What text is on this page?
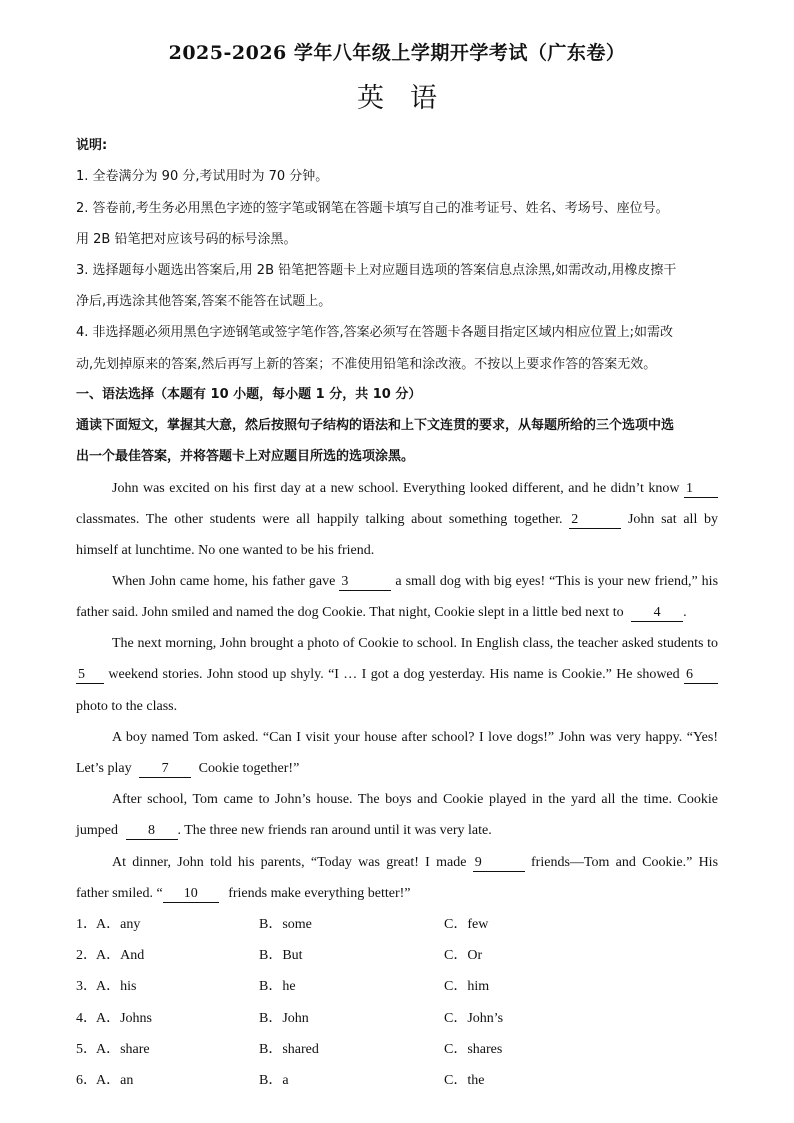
2025-2026 学年八年级上学期开学考试（广东卷）
英语
说明:
1. 全卷满分为 90 分,考试用时为 70 分钟。
2. 答卷前,考生务必用黑色字迹的签字笔或钢笔在答题卡填写自己的准考证号、姓名、考场号、座位号。
用 2B 铅笔把对应该号码的标号涂黑。
3. 选择题每小题选出答案后,用 2B 铅笔把答题卡上对应题目选项的答案信息点涂黑,如需改动,用橡皮擦干
净后,再选涂其他答案,答案不能答在试题上。
4. 非选择题必须用黑色字迹钢笔或签字笔作答,答案必须写在答题卡各题目指定区域内相应位置上;如需改
动,先划掉原来的答案,然后再写上新的答案；不准使用铅笔和涂改液。不按以上要求作答的答案无效。
一、语法选择（本题有 10 小题，每小题 1 分，共 10 分）
通读下面短文，掌握其大意，然后按照句子结构的语法和上下文连贯的要求，从每题所给的三个选项中选
出一个最佳答案，并将答题卡上对应题目所选的选项涂黑。
John was excited on his first day at a new school. Everything looked different, and he didn’t know 1
classmates. The other students were all happily talking about something together. 2	John sat all by
himself at lunchtime. No one wanted to be his friend.
When John came home, his father gave 3	a small dog with big eyes! “This is your new friend,” his
father said. John smiled and named the dog Cookie. That night, Cookie slept in a little bed next to 4 .
The next morning, John brought a photo of Cookie to school. In English class, the teacher asked students to
5 weekend stories. John stood up shyly. “I … I got a dog yesterday. His name is Cookie.” He showed 6
photo to the class.
A boy named Tom asked. “Can I visit your house after school? I love dogs!” John was very happy. “Yes!
Let’s play 7 Cookie together!”
After school, Tom came to John’s house. The boys and Cookie played in the yard all the time. Cookie
jumped 8 . The three new friends ran around until it was very late.
At dinner, John told his parents, “Today was great! I made 9	friends—Tom and Cookie.” His
father smiled. “ 10 friends make everything better!”
1． A．any	B．some	C．few
2． A．And	B．But	C．Or
3． A．his	B．he	C．him
4． A．Johns	B．John	C．John’s
5． A．share	B．shared	C．shares
6． A．an	B．a	C．the
